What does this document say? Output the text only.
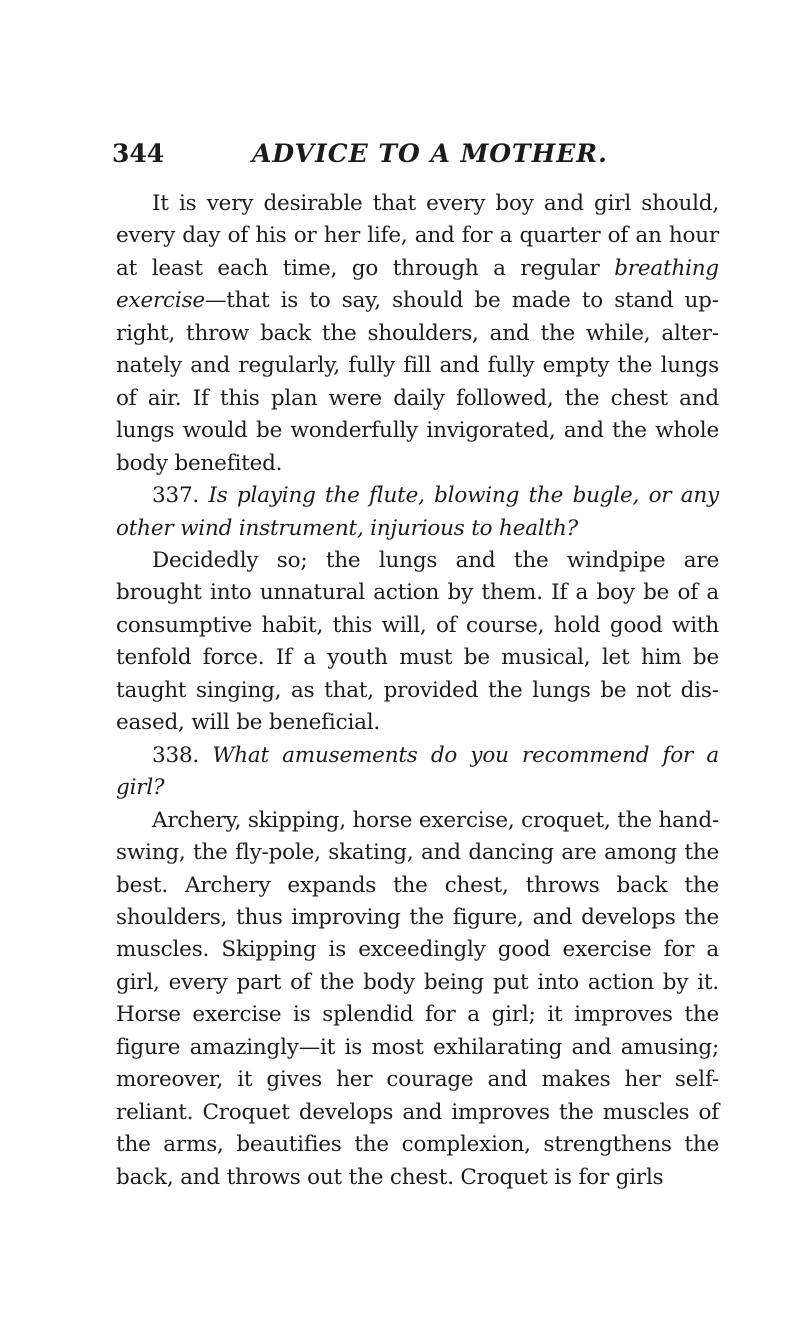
344	ADVICE TO A MOTHER.

It is very desirable that every boy and girl should, every day of his or her life, and for a quarter of an hour at least each time, go through a regular breathing exercise—that is to say, should be made to stand upright, throw back the shoulders, and the while, alternately and regularly, fully fill and fully empty the lungs of air. If this plan were daily followed, the chest and lungs would be wonderfully invigorated, and the whole body benefited.

337. Is playing the flute, blowing the bugle, or any other wind instrument, injurious to health?

Decidedly so; the lungs and the windpipe are brought into unnatural action by them. If a boy be of a consumptive habit, this will, of course, hold good with tenfold force. If a youth must be musical, let him be taught singing, as that, provided the lungs be not diseased, will be beneficial.

338. What amusements do you recommend for a girl?

Archery, skipping, horse exercise, croquet, the hand-swing, the fly-pole, skating, and dancing are among the best. Archery expands the chest, throws back the shoulders, thus improving the figure, and develops the muscles. Skipping is exceedingly good exercise for a girl, every part of the body being put into action by it. Horse exercise is splendid for a girl; it improves the figure amazingly—it is most exhilarating and amusing; moreover, it gives her courage and makes her self-reliant. Croquet develops and improves the muscles of the arms, beautifies the complexion, strengthens the back, and throws out the chest. Croquet is for girls
